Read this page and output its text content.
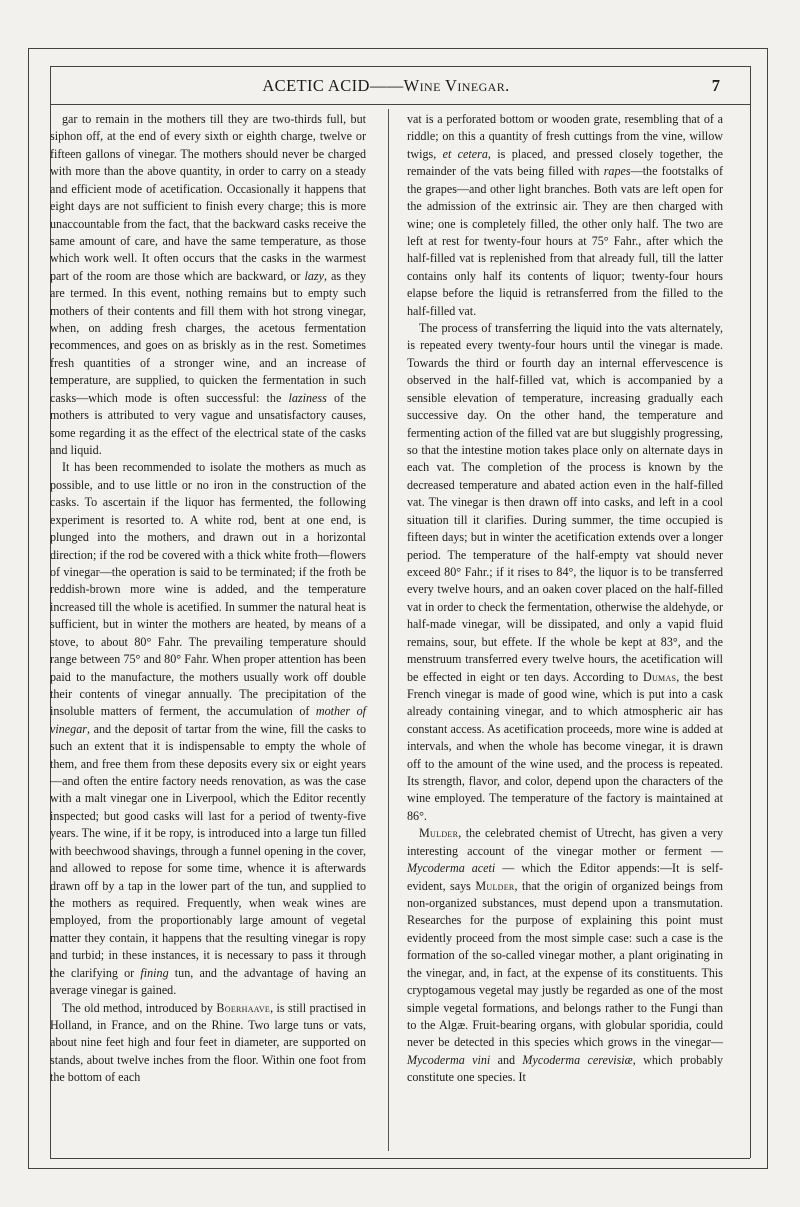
ACETIC ACID——Wine Vinegar.	7

gar to remain in the mothers till they are two-thirds full, but siphon off, at the end of every sixth or eighth charge, twelve or fifteen gallons of vinegar. The mothers should never be charged with more than the above quantity, in order to carry on a steady and efficient mode of acetification. Occasionally it happens that eight days are not sufficient to finish every charge; this is more unaccountable from the fact, that the backward casks receive the same amount of care, and have the same temperature, as those which work well. It often occurs that the casks in the warmest part of the room are those which are backward, or lazy, as they are termed. In this event, nothing remains but to empty such mothers of their contents and fill them with hot strong vinegar, when, on adding fresh charges, the acetous fermentation recommences, and goes on as briskly as in the rest. Sometimes fresh quantities of a stronger wine, and an increase of temperature, are supplied, to quicken the fermentation in such casks—which mode is often successful: the laziness of the mothers is attributed to very vague and unsatisfactory causes, some regarding it as the effect of the electrical state of the casks and liquid.

It has been recommended to isolate the mothers as much as possible, and to use little or no iron in the construction of the casks. To ascertain if the liquor has fermented, the following experiment is resorted to. A white rod, bent at one end, is plunged into the mothers, and drawn out in a horizontal direction; if the rod be covered with a thick white froth—flowers of vinegar—the operation is said to be terminated; if the froth be reddish-brown more wine is added, and the temperature increased till the whole is acetified. In summer the natural heat is sufficient, but in winter the mothers are heated, by means of a stove, to about 80° Fahr. The prevailing temperature should range between 75° and 80° Fahr. When proper attention has been paid to the manufacture, the mothers usually work off double their contents of vinegar annually. The precipitation of the insoluble matters of ferment, the accumulation of mother of vinegar, and the deposit of tartar from the wine, fill the casks to such an extent that it is indispensable to empty the whole of them, and free them from these deposits every six or eight years—and often the entire factory needs renovation, as was the case with a malt vinegar one in Liverpool, which the Editor recently inspected; but good casks will last for a period of twenty-five years. The wine, if it be ropy, is introduced into a large tun filled with beechwood shavings, through a funnel opening in the cover, and allowed to repose for some time, whence it is afterwards drawn off by a tap in the lower part of the tun, and supplied to the mothers as required. Frequently, when weak wines are employed, from the proportionably large amount of vegetal matter they contain, it happens that the resulting vinegar is ropy and turbid; in these instances, it is necessary to pass it through the clarifying or fining tun, and the advantage of having an average vinegar is gained.

The old method, introduced by Boerhaave, is still practised in Holland, in France, and on the Rhine. Two large tuns or vats, about nine feet high and four feet in diameter, are supported on stands, about twelve inches from the floor. Within one foot from the bottom of each

vat is a perforated bottom or wooden grate, resembling that of a riddle; on this a quantity of fresh cuttings from the vine, willow twigs, et cetera, is placed, and pressed closely together, the remainder of the vats being filled with rapes—the footstalks of the grapes—and other light branches. Both vats are left open for the admission of the extrinsic air. They are then charged with wine; one is completely filled, the other only half. The two are left at rest for twenty-four hours at 75° Fahr., after which the half-filled vat is replenished from that already full, till the latter contains only half its contents of liquor; twenty-four hours elapse before the liquid is retransferred from the filled to the half-filled vat.

The process of transferring the liquid into the vats alternately, is repeated every twenty-four hours until the vinegar is made. Towards the third or fourth day an internal effervescence is observed in the half-filled vat, which is accompanied by a sensible elevation of temperature, increasing gradually each successive day. On the other hand, the temperature and fermenting action of the filled vat are but sluggishly progressing, so that the intestine motion takes place only on alternate days in each vat. The completion of the process is known by the decreased temperature and abated action even in the half-filled vat. The vinegar is then drawn off into casks, and left in a cool situation till it clarifies. During summer, the time occupied is fifteen days; but in winter the acetification extends over a longer period. The temperature of the half-empty vat should never exceed 80° Fahr.; if it rises to 84°, the liquor is to be transferred every twelve hours, and an oaken cover placed on the half-filled vat in order to check the fermentation, otherwise the aldehyde, or half-made vinegar, will be dissipated, and only a vapid fluid remains, sour, but effete. If the whole be kept at 83°, and the menstruum transferred every twelve hours, the acetification will be effected in eight or ten days. According to Dumas, the best French vinegar is made of good wine, which is put into a cask already containing vinegar, and to which atmospheric air has constant access. As acetification proceeds, more wine is added at intervals, and when the whole has become vinegar, it is drawn off to the amount of the wine used, and the process is repeated. Its strength, flavor, and color, depend upon the characters of the wine employed. The temperature of the factory is maintained at 86°.

Mulder, the celebrated chemist of Utrecht, has given a very interesting account of the vinegar mother or ferment — Mycoderma aceti — which the Editor appends:—It is self-evident, says Mulder, that the origin of organized beings from non-organized substances, must depend upon a transmutation. Researches for the purpose of explaining this point must evidently proceed from the most simple case: such a case is the formation of the so-called vinegar mother, a plant originating in the vinegar, and, in fact, at the expense of its constituents. This cryptogamous vegetal may justly be regarded as one of the most simple vegetal formations, and belongs rather to the Fungi than to the Algæ. Fruit-bearing organs, with globular sporidia, could never be detected in this species which grows in the vinegar—Mycoderma vini and Mycoderma cerevisiæ, which probably constitute one species. It
